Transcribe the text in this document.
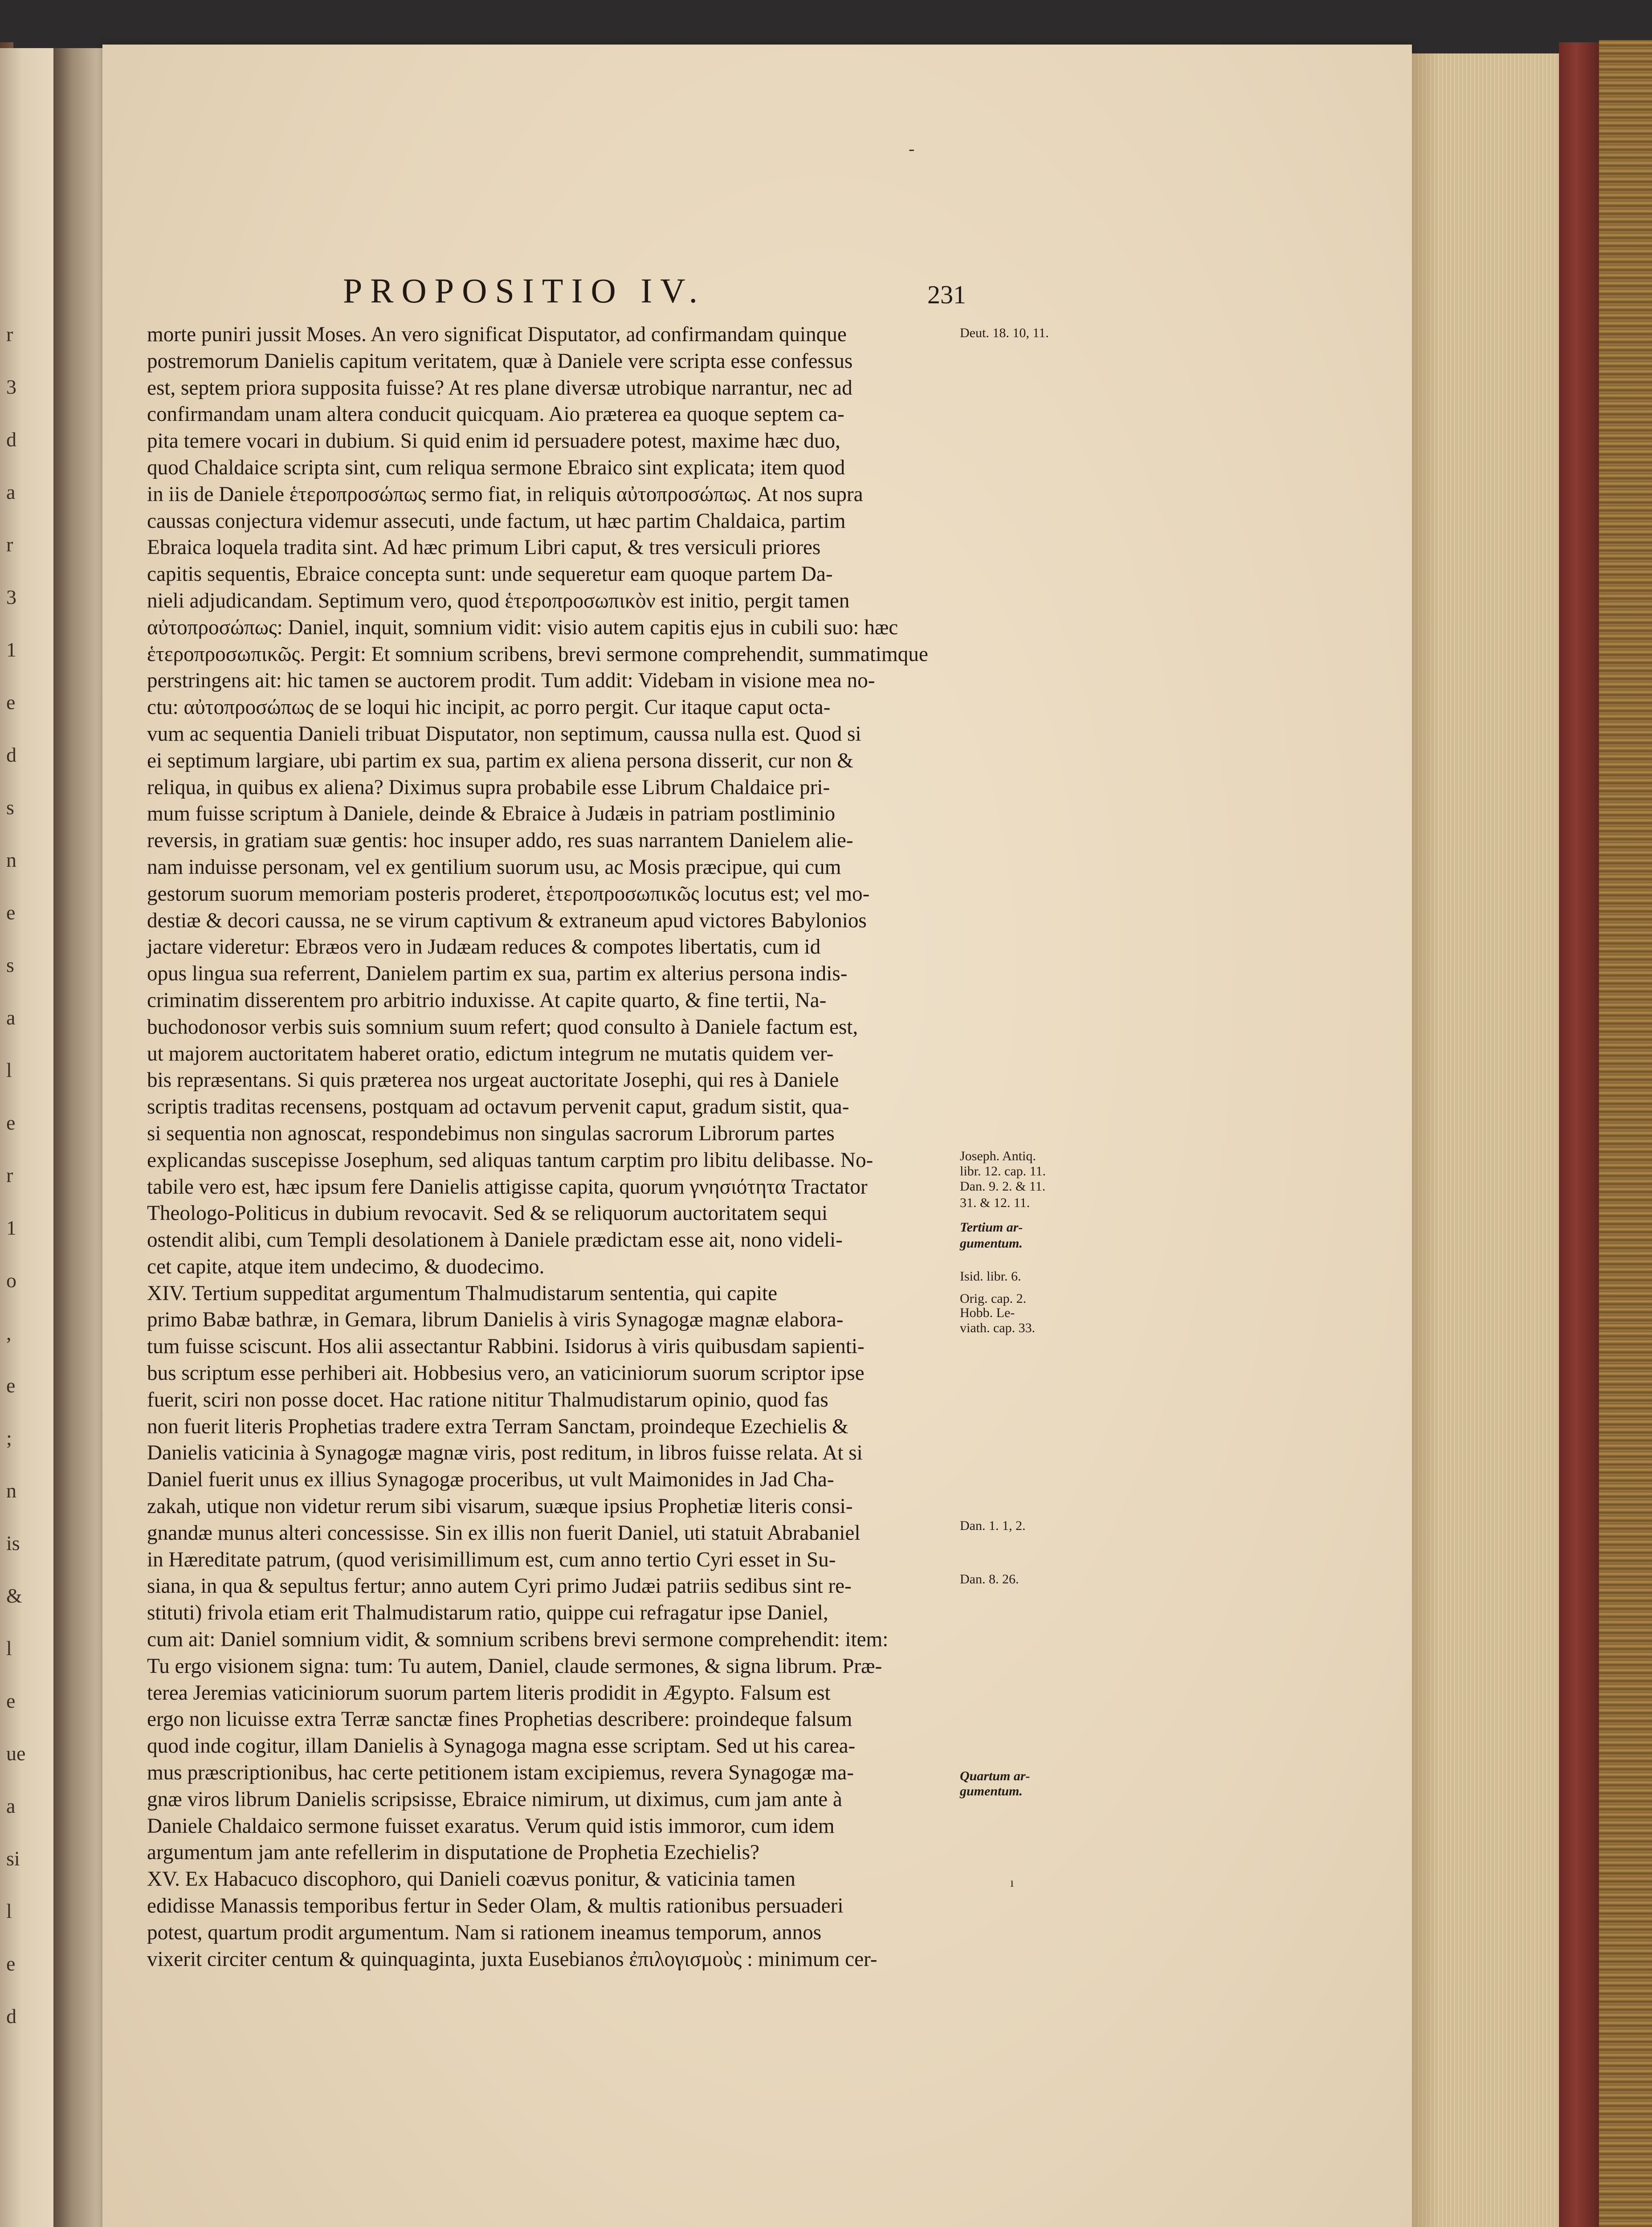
r
3
d
a
r
3
1
e
d
s
n
e
s
a
l
e
r
1
o
,
e
;
n
is
&
l
e
ue
a
si
l
e
d
PROPOSITIO IV.	231
morte puniri jussit Moses. An vero significat Disputator, ad confirmandam quinque
postremorum Danielis capitum veritatem, quæ à Daniele vere scripta esse confessus
est, septem priora supposita fuisse? At res plane diversæ utrobique narrantur, nec ad
confirmandam unam altera conducit quicquam. Aio præterea ea quoque septem ca-
pita temere vocari in dubium. Si quid enim id persuadere potest, maxime hæc duo,
quod Chaldaice scripta sint, cum reliqua sermone Ebraico sint explicata; item quod
in iis de Daniele ἑτεροπροσώπως sermo fiat, in reliquis αὐτοπροσώπως. At nos supra
caussas conjectura videmur assecuti, unde factum, ut hæc partim Chaldaica, partim
Ebraica loquela tradita sint. Ad hæc primum Libri caput, & tres versiculi priores
capitis sequentis, Ebraice concepta sunt: unde sequeretur eam quoque partem Da-
nieli adjudicandam. Septimum vero, quod ἑτεροπροσωπικὸν est initio, pergit tamen
αὐτοπροσώπως: Daniel, inquit, somnium vidit: visio autem capitis ejus in cubili suo: hæc
ἑτεροπροσωπικῶς. Pergit: Et somnium scribens, brevi sermone comprehendit, summatimque
perstringens ait: hic tamen se auctorem prodit. Tum addit: Videbam in visione mea no-
ctu: αὐτοπροσώπως de se loqui hic incipit, ac porro pergit. Cur itaque caput octa-
vum ac sequentia Danieli tribuat Disputator, non septimum, caussa nulla est. Quod si
ei septimum largiare, ubi partim ex sua, partim ex aliena persona disserit, cur non &
reliqua, in quibus ex aliena? Diximus supra probabile esse Librum Chaldaice pri-
mum fuisse scriptum à Daniele, deinde & Ebraice à Judæis in patriam postliminio
reversis, in gratiam suæ gentis: hoc insuper addo, res suas narrantem Danielem alie-
nam induisse personam, vel ex gentilium suorum usu, ac Mosis præcipue, qui cum
gestorum suorum memoriam posteris proderet, ἑτεροπροσωπικῶς locutus est; vel mo-
destiæ & decori caussa, ne se virum captivum & extraneum apud victores Babylonios
jactare videretur: Ebræos vero in Judæam reduces & compotes libertatis, cum id
opus lingua sua referrent, Danielem partim ex sua, partim ex alterius persona indis-
criminatim disserentem pro arbitrio induxisse. At capite quarto, & fine tertii, Na-
buchodonosor verbis suis somnium suum refert; quod consulto à Daniele factum est,
ut majorem auctoritatem haberet oratio, edictum integrum ne mutatis quidem ver-
bis repræsentans. Si quis præterea nos urgeat auctoritate Josephi, qui res à Daniele
scriptis traditas recensens, postquam ad octavum pervenit caput, gradum sistit, qua-
si sequentia non agnoscat, respondebimus non singulas sacrorum Librorum partes
explicandas suscepisse Josephum, sed aliquas tantum carptim pro libitu delibasse. No-
tabile vero est, hæc ipsum fere Danielis attigisse capita, quorum γνησιότητα Tractator
Theologo-Politicus in dubium revocavit. Sed & se reliquorum auctoritatem sequi
ostendit alibi, cum Templi desolationem à Daniele prædictam esse ait, nono videli-
cet capite, atque item undecimo, & duodecimo.
XIV. Tertium suppeditat argumentum Thalmudistarum sententia, qui capite
primo Babæ bathræ, in Gemara, librum Danielis à viris Synagogæ magnæ elabora-
tum fuisse sciscunt. Hos alii assectantur Rabbini. Isidorus à viris quibusdam sapienti-
bus scriptum esse perhiberi ait. Hobbesius vero, an vaticiniorum suorum scriptor ipse
fuerit, sciri non posse docet. Hac ratione nititur Thalmudistarum opinio, quod fas
non fuerit literis Prophetias tradere extra Terram Sanctam, proindeque Ezechielis &
Danielis vaticinia à Synagogæ magnæ viris, post reditum, in libros fuisse relata. At si
Daniel fuerit unus ex illius Synagogæ proceribus, ut vult Maimonides in Jad Cha-
zakah, utique non videtur rerum sibi visarum, suæque ipsius Prophetiæ literis consi-
gnandæ munus alteri concessisse. Sin ex illis non fuerit Daniel, uti statuit Abrabaniel
in Hæreditate patrum, (quod verisimillimum est, cum anno tertio Cyri esset in Su-
siana, in qua & sepultus fertur; anno autem Cyri primo Judæi patriis sedibus sint re-
stituti) frivola etiam erit Thalmudistarum ratio, quippe cui refragatur ipse Daniel,
cum ait: Daniel somnium vidit, & somnium scribens brevi sermone comprehendit: item:
Tu ergo visionem signa: tum: Tu autem, Daniel, claude sermones, & signa librum. Præ-
terea Jeremias vaticiniorum suorum partem literis prodidit in Ægypto. Falsum est
ergo non licuisse extra Terræ sanctæ fines Prophetias describere: proindeque falsum
quod inde cogitur, illam Danielis à Synagoga magna esse scriptam. Sed ut his carea-
mus præscriptionibus, hac certe petitionem istam excipiemus, revera Synagogæ ma-
gnæ viros librum Danielis scripsisse, Ebraice nimirum, ut diximus, cum jam ante à
Daniele Chaldaico sermone fuisset exaratus. Verum quid istis immoror, cum idem
argumentum jam ante refellerim in disputatione de Prophetia Ezechielis?
XV. Ex Habacuco discophoro, qui Danieli coævus ponitur, & vaticinia tamen
edidisse Manassis temporibus fertur in Seder Olam, & multis rationibus persuaderi
potest, quartum prodit argumentum. Nam si rationem ineamus temporum, annos
vixerit circiter centum & quinquaginta, juxta Eusebianos ἐπιλογισμοὺς : minimum cer-
Deut. 18. 10, 11.
Joseph. Antiq.
libr. 12. cap. 11.
Dan. 9. 2. & 11.
31. & 12. 11.
Tertium ar-
gumentum.
Isid. libr. 6.
Orig. cap. 2.
Hobb. Le-
viath. cap. 33.
Dan. 1. 1, 2.
Dan. 8. 26.
Quartum ar-
gumentum.
-
ı
